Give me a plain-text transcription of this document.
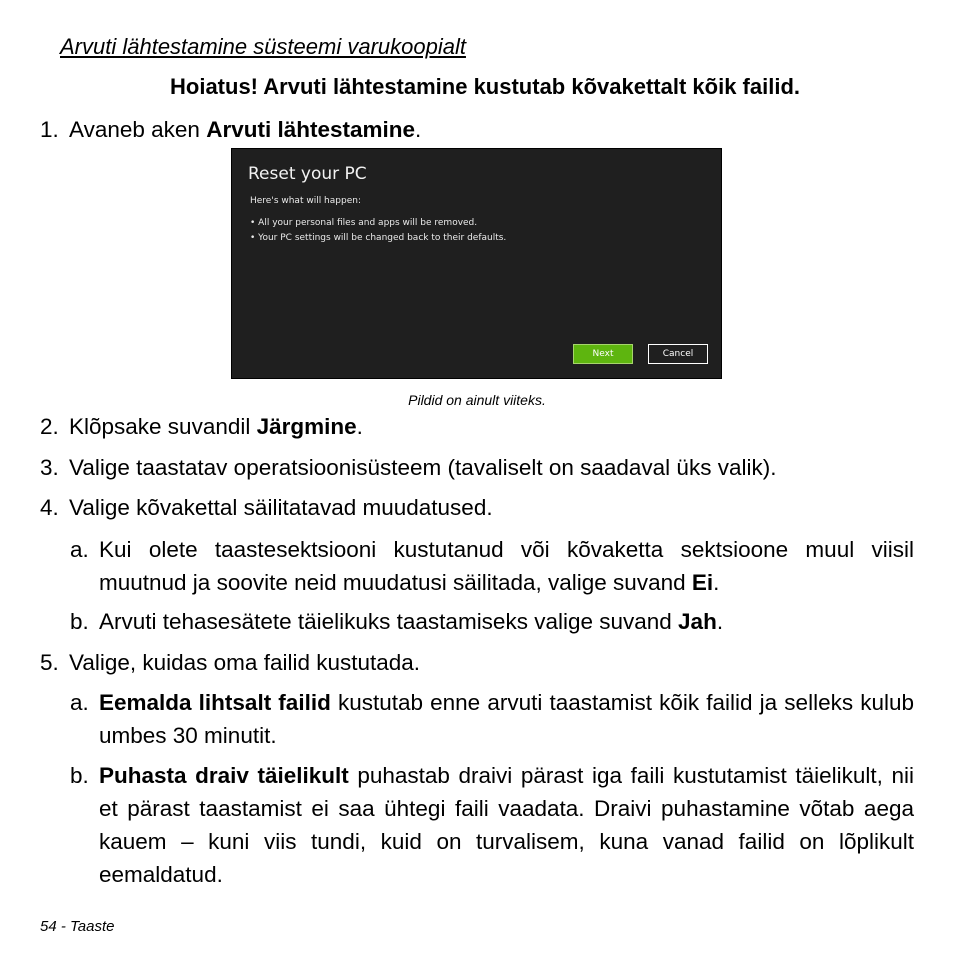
Arvuti lähtestamine süsteemi varukoopialt
Hoiatus! Arvuti lähtestamine kustutab kõvakettalt kõik failid.
1. Avaneb aken Arvuti lähtestamine.
Reset your PC
Here's what will happen:
• All your personal files and apps will be removed.
• Your PC settings will be changed back to their defaults.
Next	Cancel
Pildid on ainult viiteks.
2. Klõpsake suvandil Järgmine.
3. Valige taastatav operatsioonisüsteem (tavaliselt on saadaval üks valik).
4. Valige kõvakettal säilitatavad muudatused.
a. Kui olete taastesektsiooni kustutanud või kõvaketta sektsioone muul viisil muutnud ja soovite neid muudatusi säilitada, valige suvand Ei.
b. Arvuti tehasesätete täielikuks taastamiseks valige suvand Jah.
5. Valige, kuidas oma failid kustutada.
a. Eemalda lihtsalt failid kustutab enne arvuti taastamist kõik failid ja selleks kulub umbes 30 minutit.
b. Puhasta draiv täielikult puhastab draivi pärast iga faili kustutamist täielikult, nii et pärast taastamist ei saa ühtegi faili vaadata. Draivi puhastamine võtab aega kauem – kuni viis tundi, kuid on turvalisem, kuna vanad failid on lõplikult eemaldatud.
54 - Taaste
